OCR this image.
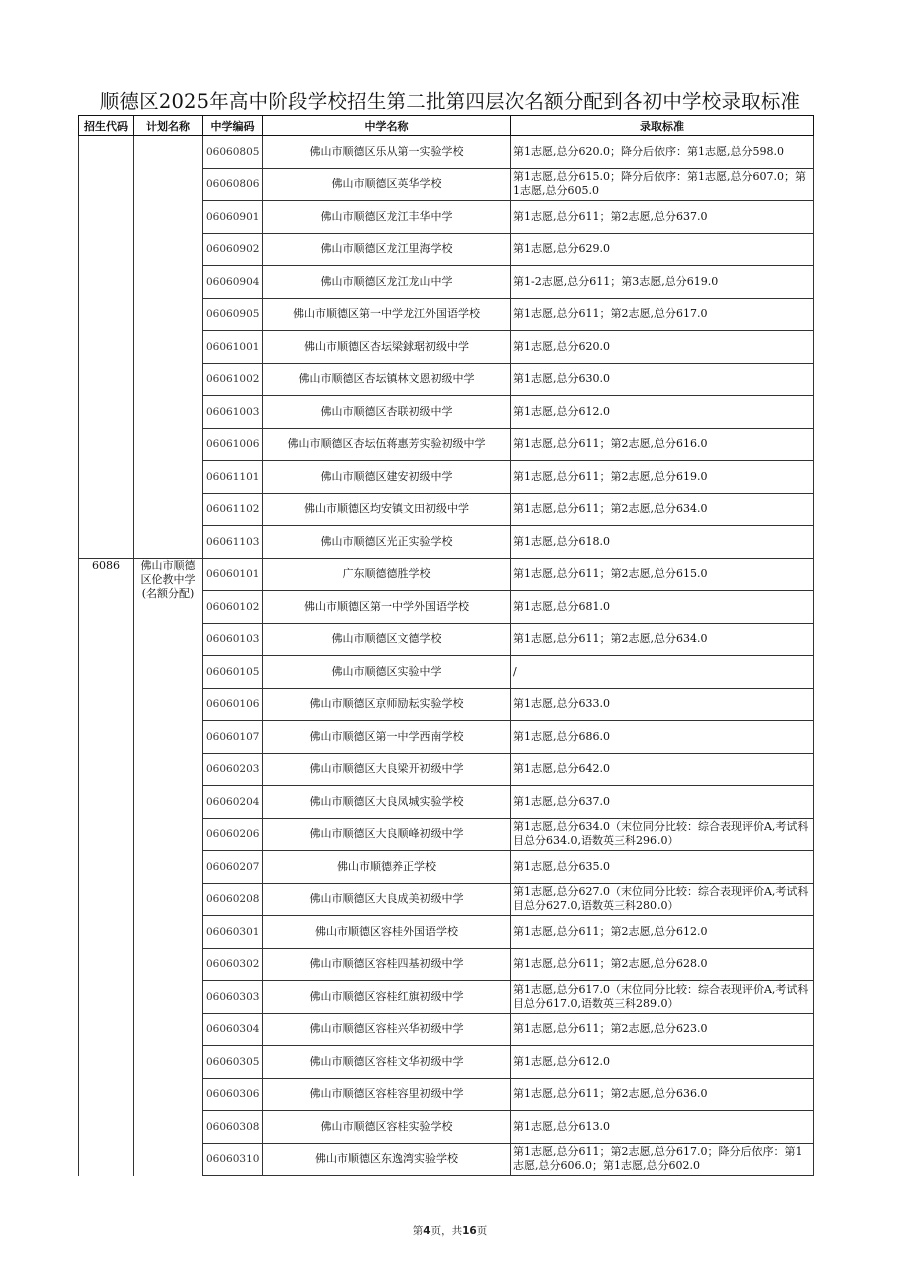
顺德区2025年高中阶段学校招生第二批第四层次名额分配到各初中学校录取标准
招生代码	计划名称	中学编码	中学名称	录取标准
		06060805	佛山市顺德区乐从第一实验学校	第1志愿,总分620.0；降分后依序：第1志愿,总分598.0
		06060806	佛山市顺德区英华学校	第1志愿,总分615.0；降分后依序：第1志愿,总分607.0；第1志愿,总分605.0
		06060901	佛山市顺德区龙江丰华中学	第1志愿,总分611；第2志愿,总分637.0
		06060902	佛山市顺德区龙江里海学校	第1志愿,总分629.0
		06060904	佛山市顺德区龙江龙山中学	第1-2志愿,总分611；第3志愿,总分619.0
		06060905	佛山市顺德区第一中学龙江外国语学校	第1志愿,总分611；第2志愿,总分617.0
		06061001	佛山市顺德区杏坛梁銶琚初级中学	第1志愿,总分620.0
		06061002	佛山市顺德区杏坛镇林文恩初级中学	第1志愿,总分630.0
		06061003	佛山市顺德区杏联初级中学	第1志愿,总分612.0
		06061006	佛山市顺德区杏坛伍蒋惠芳实验初级中学	第1志愿,总分611；第2志愿,总分616.0
		06061101	佛山市顺德区建安初级中学	第1志愿,总分611；第2志愿,总分619.0
		06061102	佛山市顺德区均安镇文田初级中学	第1志愿,总分611；第2志愿,总分634.0
		06061103	佛山市顺德区光正实验学校	第1志愿,总分618.0
6086	佛山市顺德区伦教中学(名额分配)	06060101	广东顺德德胜学校	第1志愿,总分611；第2志愿,总分615.0
		06060102	佛山市顺德区第一中学外国语学校	第1志愿,总分681.0
		06060103	佛山市顺德区文德学校	第1志愿,总分611；第2志愿,总分634.0
		06060105	佛山市顺德区实验中学	/
		06060106	佛山市顺德区京师励耘实验学校	第1志愿,总分633.0
		06060107	佛山市顺德区第一中学西南学校	第1志愿,总分686.0
		06060203	佛山市顺德区大良梁开初级中学	第1志愿,总分642.0
		06060204	佛山市顺德区大良凤城实验学校	第1志愿,总分637.0
		06060206	佛山市顺德区大良顺峰初级中学	第1志愿,总分634.0（末位同分比较：综合表现评价A,考试科目总分634.0,语数英三科296.0）
		06060207	佛山市顺德养正学校	第1志愿,总分635.0
		06060208	佛山市顺德区大良成美初级中学	第1志愿,总分627.0（末位同分比较：综合表现评价A,考试科目总分627.0,语数英三科280.0）
		06060301	佛山市顺德区容桂外国语学校	第1志愿,总分611；第2志愿,总分612.0
		06060302	佛山市顺德区容桂四基初级中学	第1志愿,总分611；第2志愿,总分628.0
		06060303	佛山市顺德区容桂红旗初级中学	第1志愿,总分617.0（末位同分比较：综合表现评价A,考试科目总分617.0,语数英三科289.0）
		06060304	佛山市顺德区容桂兴华初级中学	第1志愿,总分611；第2志愿,总分623.0
		06060305	佛山市顺德区容桂文华初级中学	第1志愿,总分612.0
		06060306	佛山市顺德区容桂容里初级中学	第1志愿,总分611；第2志愿,总分636.0
		06060308	佛山市顺德区容桂实验学校	第1志愿,总分613.0
		06060310	佛山市顺德区东逸湾实验学校	第1志愿,总分611；第2志愿,总分617.0；降分后依序：第1志愿,总分606.0；第1志愿,总分602.0
第4页，共16页
